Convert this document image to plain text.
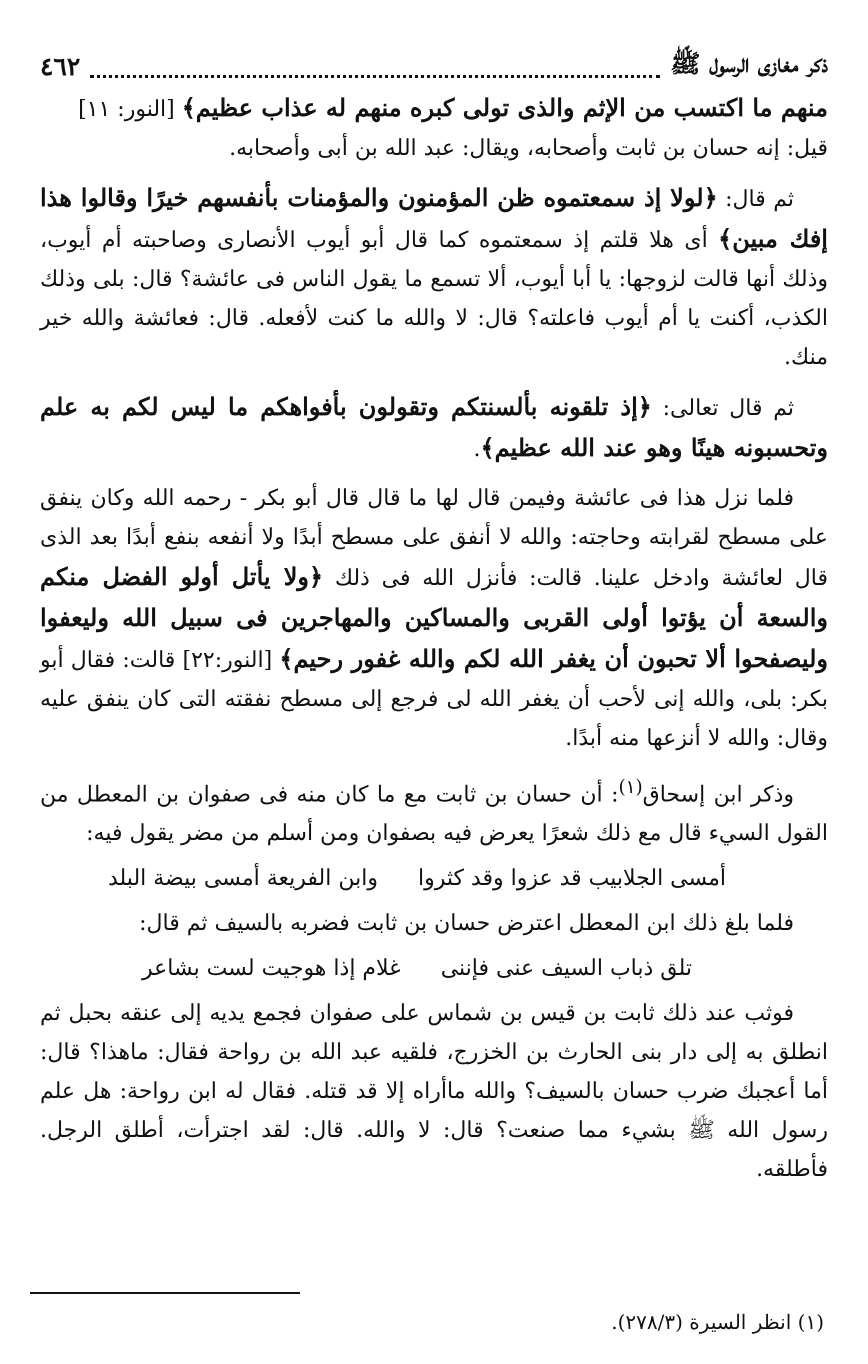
ذكر مغازى الرسول ﷺ
٤٦٢

منهم ما اكتسب من الإثم والذى تولى كبره منهم له عذاب عظيم﴾ [النور: ١١]

قيل: إنه حسان بن ثابت وأصحابه، ويقال: عبد الله بن أبى وأصحابه.

ثم قال: ﴿لولا إذ سمعتموه ظن المؤمنون والمؤمنات بأنفسهم خيرًا وقالوا هذا إفك مبين﴾ أى هلا قلتم إذ سمعتموه كما قال أبو أيوب الأنصارى وصاحبته أم أيوب، وذلك أنها قالت لزوجها: يا أبا أيوب، ألا تسمع ما يقول الناس فى عائشة؟ قال: بلى وذلك الكذب، أكنت يا أم أيوب فاعلته؟ قال: لا والله ما كنت لأفعله. قال: فعائشة والله خير منك.

ثم قال تعالى: ﴿إذ تلقونه بألسنتكم وتقولون بأفواهكم ما ليس لكم به علم وتحسبونه هينًا وهو عند الله عظيم﴾.

فلما نزل هذا فى عائشة وفيمن قال لها ما قال قال أبو بكر - رحمه الله وكان ينفق على مسطح لقرابته وحاجته: والله لا أنفق على مسطح أبدًا ولا أنفعه بنفع أبدًا بعد الذى قال لعائشة وادخل علينا. قالت: فأنزل الله فى ذلك ﴿ولا يأتل أولو الفضل منكم والسعة أن يؤتوا أولى القربى والمساكين والمهاجرين فى سبيل الله وليعفوا وليصفحوا ألا تحبون أن يغفر الله لكم والله غفور رحيم﴾ [النور:٢٢] قالت: فقال أبو بكر: بلى، والله إنى لأحب أن يغفر الله لى فرجع إلى مسطح نفقته التى كان ينفق عليه وقال: والله لا أنزعها منه أبدًا.

وذكر ابن إسحاق$^{(١)}$: أن حسان بن ثابت مع ما كان منه فى صفوان بن المعطل من القول السيء قال مع ذلك شعرًا يعرض فيه بصفوان ومن أسلم من مضر يقول فيه:

أمسى الجلابيب قد عزوا وقد كثروا
وابن الفريعة أمسى بيضة البلد

فلما بلغ ذلك ابن المعطل اعترض حسان بن ثابت فضربه بالسيف ثم قال:

تلق ذباب السيف عنى فإننى
غلام إذا هوجيت لست بشاعر

فوثب عند ذلك ثابت بن قيس بن شماس على صفوان فجمع يديه إلى عنقه بحبل ثم انطلق به إلى دار بنى الحارث بن الخزرج، فلقيه عبد الله بن رواحة فقال: ماهذا؟ قال: أما أعجبك ضرب حسان بالسيف؟ والله ماأراه إلا قد قتله. فقال له ابن رواحة: هل علم رسول الله ﷺ بشيء مما صنعت؟ قال: لا والله. قال: لقد اجترأت، أطلق الرجل. فأطلقه.

(١) انظر السيرة (٢٧٨/٣).
